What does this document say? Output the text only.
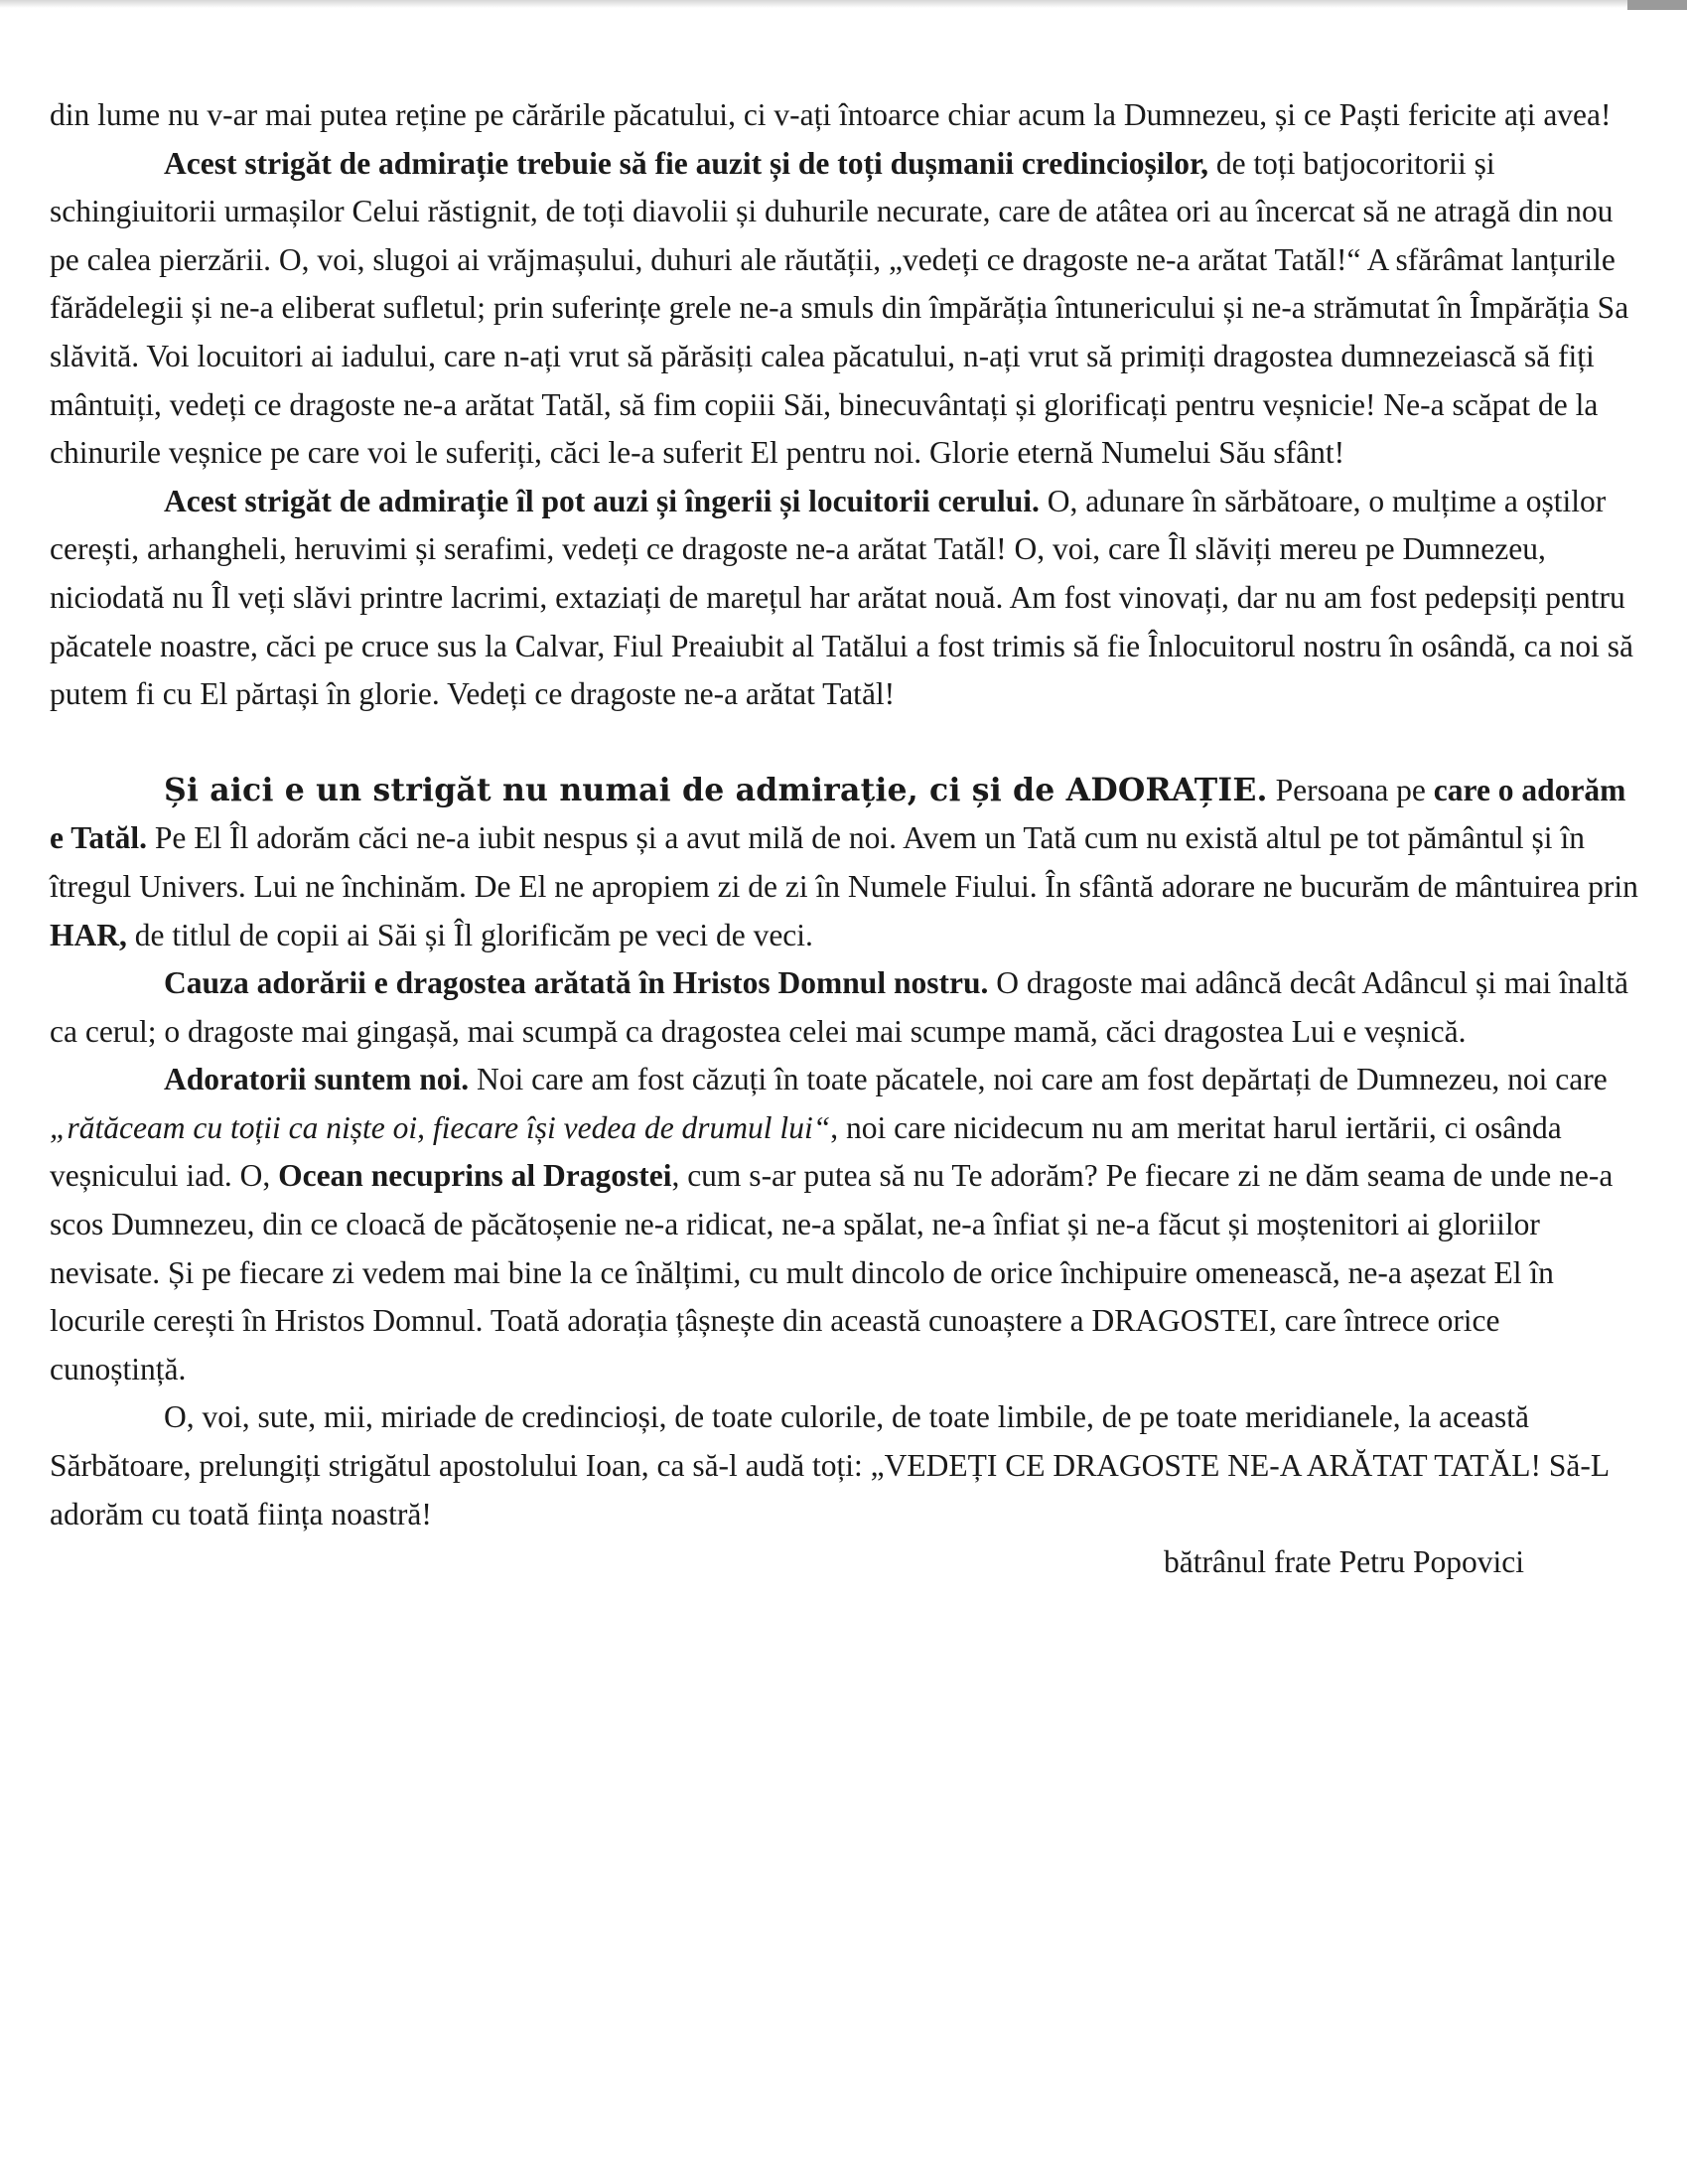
din lume nu v-ar mai putea reține pe cărările păcatului, ci v-ați întoarce chiar acum la Dumnezeu, și ce Paști fericite ați avea!

Acest strigăt de admirație trebuie să fie auzit și de toți dușmanii credincioșilor, de toți batjocoritorii și schingiuitorii urmașilor Celui răstignit, de toți diavolii și duhurile necurate, care de atâtea ori au încercat să ne atragă din nou pe calea pierzării. O, voi, slugoi ai vrăjmașului, duhuri ale răutății, „vedeți ce dragoste ne-a arătat Tatăl!“ A sfărâmat lanțurile fărădelegii și ne-a eliberat sufletul; prin suferințe grele ne-a smuls din împărăția întunericului și ne-a strămutat în Împărăția Sa slăvită. Voi locuitori ai iadului, care n-ați vrut să părăsiți calea păcatului, n-ați vrut să primiți dragostea dumnezeiască să fiți mântuiți, vedeți ce dragoste ne-a arătat Tatăl, să fim copiii Săi, binecuvântați și glorificați pentru veșnicie! Ne-a scăpat de la chinurile veșnice pe care voi le suferiți, căci le-a suferit El pentru noi. Glorie eternă Numelui Său sfânt!

Acest strigăt de admirație îl pot auzi și îngerii și locuitorii cerului. O, adunare în sărbătoare, o mulțime a oștilor cerești, arhangheli, heruvimi și serafimi, vedeți ce dragoste ne-a arătat Tatăl! O, voi, care Îl slăviți mereu pe Dumnezeu, niciodată nu Îl veți slăvi printre lacrimi, extaziați de marețul har arătat nouă. Am fost vinovați, dar nu am fost pedepsiți pentru păcatele noastre, căci pe cruce sus la Calvar, Fiul Preaiubit al Tatălui a fost trimis să fie Înlocuitorul nostru în osândă, ca noi să putem fi cu El părtași în glorie. Vedeți ce dragoste ne-a arătat Tatăl!

Și aici e un strigăt nu numai de admirație, ci și de ADORAȚIE. Persoana pe care o adorăm e Tatăl. Pe El Îl adorăm căci ne-a iubit nespus și a avut milă de noi. Avem un Tată cum nu există altul pe tot pământul și în îtregul Univers. Lui ne închinăm. De El ne apropiem zi de zi în Numele Fiului. În sfântă adorare ne bucurăm de mântuirea prin HAR, de titlul de copii ai Săi și Îl glorificăm pe veci de veci.

Cauza adorării e dragostea arătată în Hristos Domnul nostru. O dragoste mai adâncă decât Adâncul și mai înaltă ca cerul; o dragoste mai gingașă, mai scumpă ca dragostea celei mai scumpe mamă, căci dragostea Lui e veșnică.

Adoratorii suntem noi. Noi care am fost căzuți în toate păcatele, noi care am fost depărtați de Dumnezeu, noi care „rătăceam cu toții ca niște oi, fiecare își vedea de drumul lui“, noi care nicidecum nu am meritat harul iertării, ci osânda veșnicului iad. O, Ocean necuprins al Dragostei, cum s-ar putea să nu Te adorăm? Pe fiecare zi ne dăm seama de unde ne-a scos Dumnezeu, din ce cloacă de păcătoșenie ne-a ridicat, ne-a spălat, ne-a înfiat și ne-a făcut și moștenitori ai gloriilor nevisate. Și pe fiecare zi vedem mai bine la ce înălțimi, cu mult dincolo de orice închipuire omenească, ne-a așezat El în locurile cerești în Hristos Domnul. Toată adorația țâșnește din această cunoaștere a DRAGOSTEI, care întrece orice cunoștință.

O, voi, sute, mii, miriade de credincioși, de toate culorile, de toate limbile, de pe toate meridianele, la această Sărbătoare, prelungiți strigătul apostolului Ioan, ca să-l audă toți: „VEDEȚI CE DRAGOSTE NE-A ARĂTAT TATĂL! Să-L adorăm cu toată ființa noastră!

bătrânul frate Petru Popovici
